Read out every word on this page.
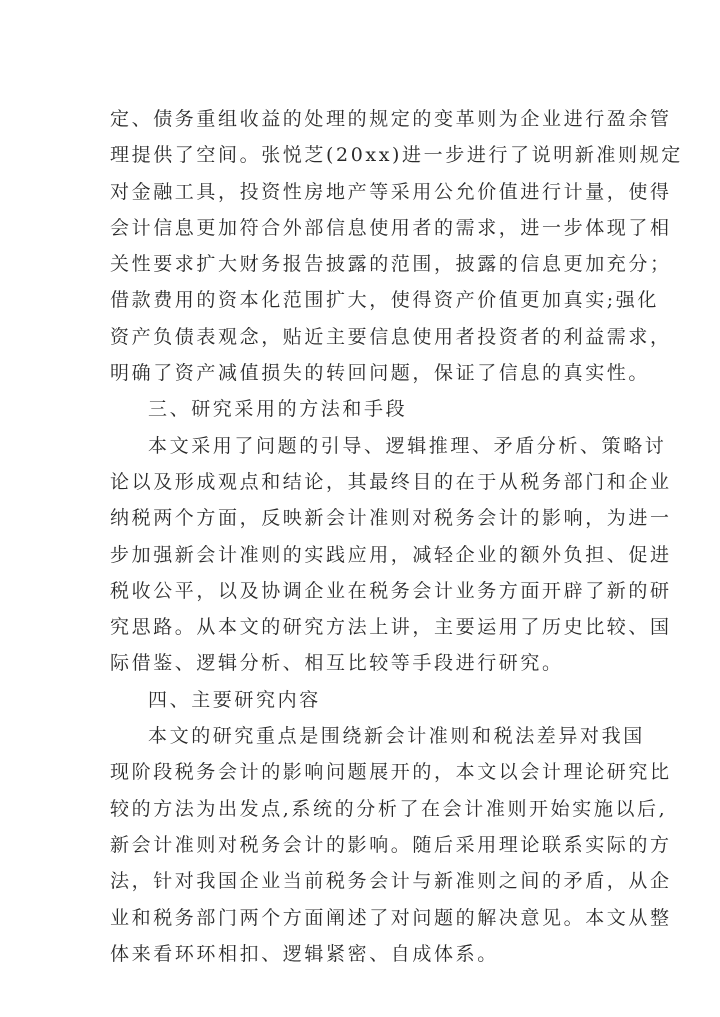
定、债务重组收益的处理的规定的变革则为企业进行盈余管
理提供了空间。张悦芝(20xx)进一步进行了说明新准则规定
对金融工具，投资性房地产等采用公允价值进行计量，使得
会计信息更加符合外部信息使用者的需求，进一步体现了相
关性要求扩大财务报告披露的范围，披露的信息更加充分；
借款费用的资本化范围扩大，使得资产价值更加真实;强化
资产负债表观念，贴近主要信息使用者投资者的利益需求，
明确了资产减值损失的转回问题，保证了信息的真实性。
三、研究采用的方法和手段
本文采用了问题的引导、逻辑推理、矛盾分析、策略讨
论以及形成观点和结论，其最终目的在于从税务部门和企业
纳税两个方面，反映新会计准则对税务会计的影响，为进一
步加强新会计准则的实践应用，减轻企业的额外负担、促进
税收公平，以及协调企业在税务会计业务方面开辟了新的研
究思路。从本文的研究方法上讲，主要运用了历史比较、国
际借鉴、逻辑分析、相互比较等手段进行研究。
四、主要研究内容
本文的研究重点是围绕新会计准则和税法差异对我国
现阶段税务会计的影响问题展开的，本文以会计理论研究比
较的方法为出发点,系统的分析了在会计准则开始实施以后,
新会计准则对税务会计的影响。随后采用理论联系实际的方
法，针对我国企业当前税务会计与新准则之间的矛盾，从企
业和税务部门两个方面阐述了对问题的解决意见。本文从整
体来看环环相扣、逻辑紧密、自成体系。
